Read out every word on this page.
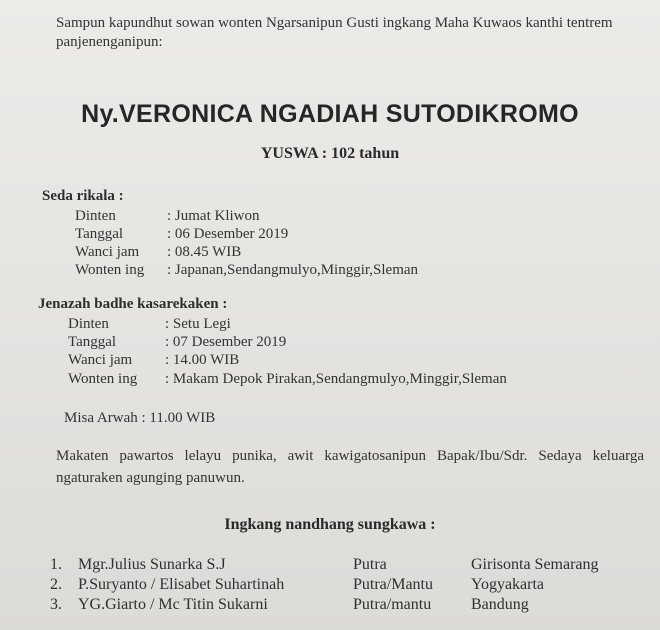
Sampun kapundhut sowan wonten Ngarsanipun Gusti ingkang Maha Kuwaos kanthi tentrem panjenenganipun:
Ny.VERONICA NGADIAH SUTODIKROMO
YUSWA : 102 tahun
Seda rikala :
Dinten	: Jumat Kliwon
Tanggal	: 06 Desember 2019
Wanci jam : 08.45 WIB
Wonten ing : Japanan,Sendangmulyo,Minggir,Sleman
Jenazah badhe kasarekaken :
Dinten	: Setu Legi
Tanggal	: 07 Desember 2019
Wanci jam : 14.00 WIB
Wonten ing : Makam Depok Pirakan,Sendangmulyo,Minggir,Sleman
Misa Arwah : 11.00 WIB
Makaten pawartos lelayu punika, awit kawigatosanipun Bapak/Ibu/Sdr. Sedaya keluarga ngaturaken agunging panuwun.
Ingkang nandhang sungkawa :
1.	Mgr.Julius Sunarka S.J	Putra	Girisonta Semarang
2.	P.Suryanto / Elisabet Suhartinah	Putra/Mantu	Yogyakarta
3.	YG.Giarto / Mc Titin Sukarni	Putra/mantu	Bandung
